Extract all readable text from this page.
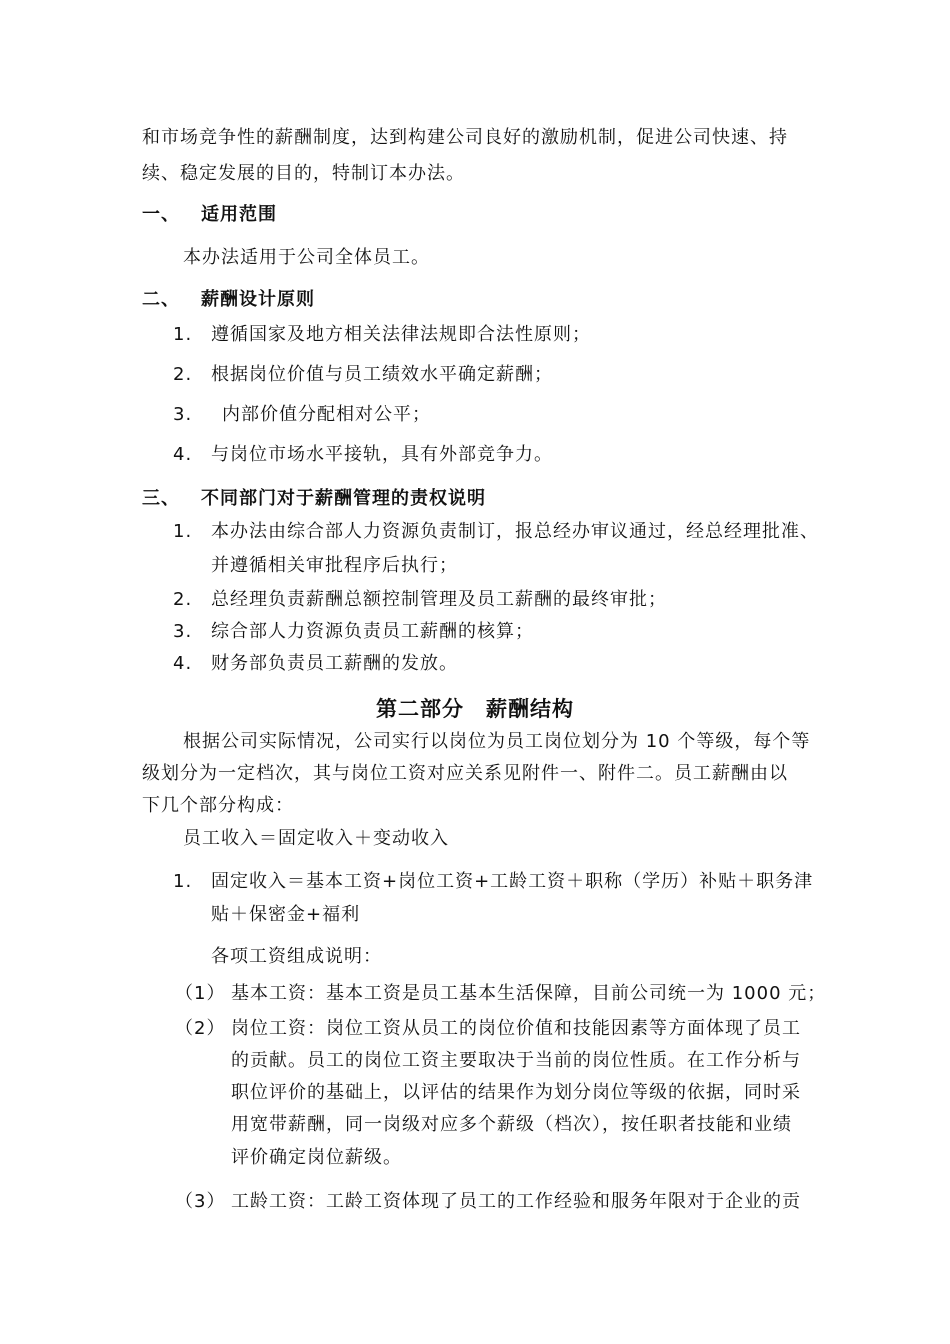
和市场竞争性的薪酬制度，达到构建公司良好的激励机制，促进公司快速、持
续、稳定发展的目的，特制订本办法。
一、 适用范围
本办法适用于公司全体员工。
二、 薪酬设计原则
1. 遵循国家及地方相关法律法规即合法性原则；
2. 根据岗位价值与员工绩效水平确定薪酬；
3. 内部价值分配相对公平；
4. 与岗位市场水平接轨，具有外部竞争力。
三、 不同部门对于薪酬管理的责权说明
1. 本办法由综合部人力资源负责制订，报总经办审议通过，经总经理批准、
并遵循相关审批程序后执行；
2. 总经理负责薪酬总额控制管理及员工薪酬的最终审批；
3. 综合部人力资源负责员工薪酬的核算；
4. 财务部负责员工薪酬的发放。
第二部分　薪酬结构
根据公司实际情况，公司实行以岗位为员工岗位划分为 10 个等级，每个等
级划分为一定档次，其与岗位工资对应关系见附件一、附件二。员工薪酬由以
下几个部分构成：
员工收入＝固定收入＋变动收入
1. 固定收入＝基本工资+岗位工资+工龄工资＋职称（学历）补贴＋职务津
贴＋保密金+福利
各项工资组成说明：
（1） 基本工资：基本工资是员工基本生活保障，目前公司统一为 1000 元；
（2） 岗位工资：岗位工资从员工的岗位价值和技能因素等方面体现了员工
的贡献。员工的岗位工资主要取决于当前的岗位性质。在工作分析与
职位评价的基础上，以评估的结果作为划分岗位等级的依据，同时采
用宽带薪酬，同一岗级对应多个薪级（档次），按任职者技能和业绩
评价确定岗位薪级。
（3） 工龄工资：工龄工资体现了员工的工作经验和服务年限对于企业的贡
